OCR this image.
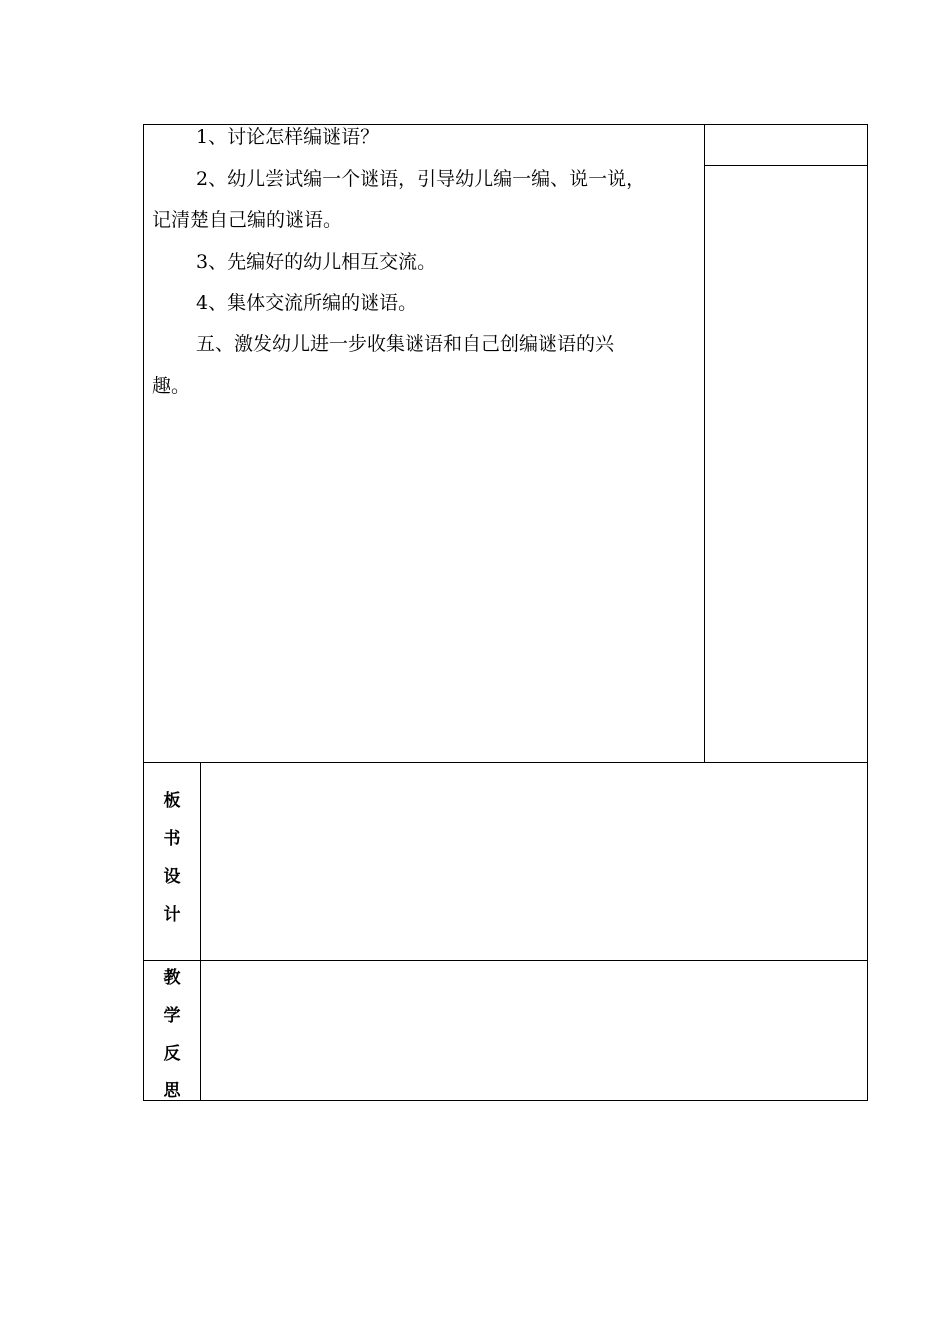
1、讨论怎样编谜语？
2、幼儿尝试编一个谜语，引导幼儿编一编、说一说，
记清楚自己编的谜语。
3、先编好的幼儿相互交流。
4、集体交流所编的谜语。
五、激发幼儿进一步收集谜语和自己创编谜语的兴
趣。
板
书
设
计
教
学
反
思
